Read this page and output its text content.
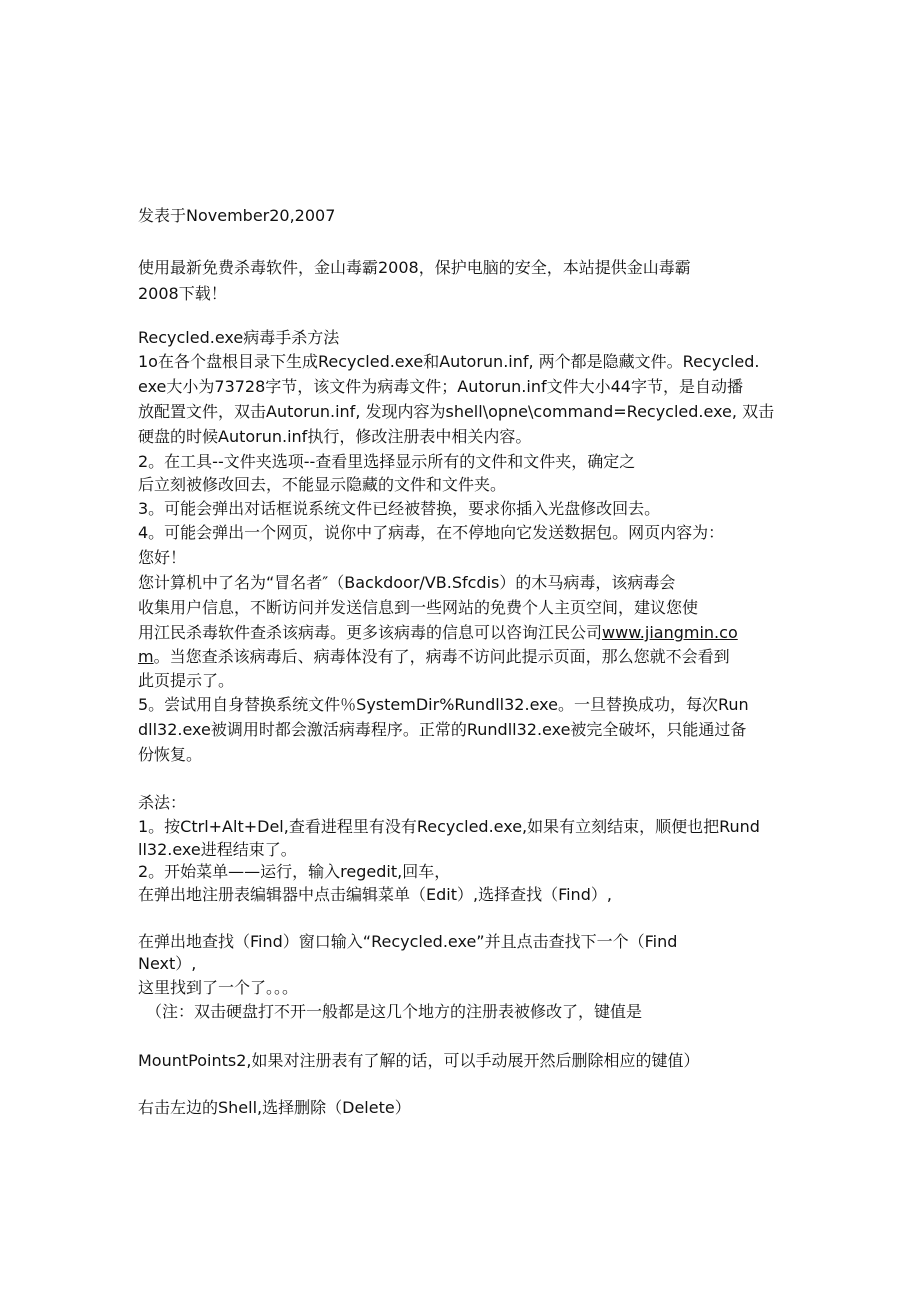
发表于November20,2007
使用最新免费杀毒软件，金山毒霸2008，保护电脑的安全，本站提供金山毒霸
2008下载！
Recycled.exe病毒手杀方法
1o在各个盘根目录下生成Recycled.exe和Autorun.inf, 两个都是隐藏文件。Recycled.
exe大小为73728字节，该文件为病毒文件；Autorun.inf文件大小44字节，是自动播
放配置文件，双击Autorun.inf, 发现内容为shell\opne\command=Recycled.exe, 双击
硬盘的时候Autorun.inf执行，修改注册表中相关内容。
2。在工具--文件夹选项--查看里选择显示所有的文件和文件夹，确定之
后立刻被修改回去，不能显示隐藏的文件和文件夹。
3。可能会弹出对话框说系统文件已经被替换，要求你插入光盘修改回去。
4。可能会弹出一个网页，说你中了病毒，在不停地向它发送数据包。网页内容为：
您好！
您计算机中了名为“冒名者″（Backdoor/VB.Sfcdis）的木马病毒，该病毒会
收集用户信息，不断访问并发送信息到一些网站的免费个人主页空间，建议您使
用江民杀毒软件查杀该病毒。更多该病毒的信息可以咨询江民公司www.jiangmin.co
m。当您查杀该病毒后、病毒体没有了，病毒不访问此提示页面，那么您就不会看到
此页提示了。
5。尝试用自身替换系统文件％SystemDir%Rundll32.exe。一旦替换成功，每次Run
dll32.exe被调用时都会激活病毒程序。正常的Rundll32.exe被完全破坏，只能通过备
份恢复。
杀法：
1。按Ctrl+Alt+Del,查看进程里有没有Recycled.exe,如果有立刻结束，顺便也把Rund
ll32.exe进程结束了。
2。开始菜单——运行，输入regedit,回车，
在弹出地注册表编辑器中点击编辑菜单（Edit）,选择查找（Find）,
在弹出地查找（Find）窗口输入“Recycled.exe”并且点击查找下一个（Find
Next）,
这里找到了一个了。。。
（注：双击硬盘打不开一般都是这几个地方的注册表被修改了，键值是
MountPoints2,如果对注册表有了解的话，可以手动展开然后删除相应的键值）
右击左边的Shell,选择删除（Delete）
